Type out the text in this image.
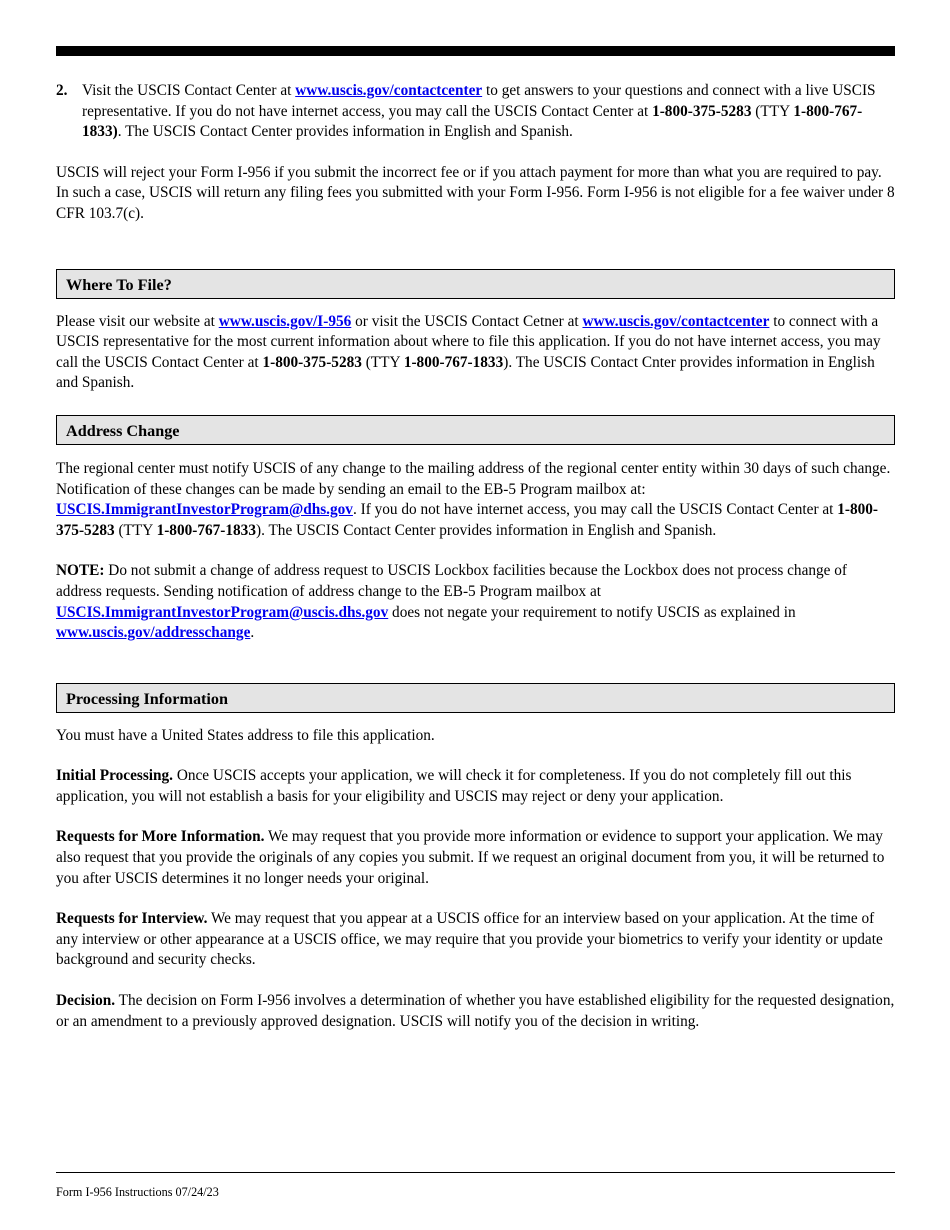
2. Visit the USCIS Contact Center at www.uscis.gov/contactcenter to get answers to your questions and connect with a live USCIS representative. If you do not have internet access, you may call the USCIS Contact Center at 1-800-375-5283 (TTY 1-800-767-1833). The USCIS Contact Center provides information in English and Spanish.

USCIS will reject your Form I-956 if you submit the incorrect fee or if you attach payment for more than what you are required to pay. In such a case, USCIS will return any filing fees you submitted with your Form I-956. Form I-956 is not eligible for a fee waiver under 8 CFR 103.7(c).

Where To File?

Please visit our website at www.uscis.gov/I-956 or visit the USCIS Contact Cetner at www.uscis.gov/contactcenter to connect with a USCIS representative for the most current information about where to file this application. If you do not have internet access, you may call the USCIS Contact Center at 1-800-375-5283 (TTY 1-800-767-1833). The USCIS Contact Cnter provides information in English and Spanish.

Address Change

The regional center must notify USCIS of any change to the mailing address of the regional center entity within 30 days of such change. Notification of these changes can be made by sending an email to the EB-5 Program mailbox at: USCIS.ImmigrantInvestorProgram@dhs.gov. If you do not have internet access, you may call the USCIS Contact Center at 1-800-375-5283 (TTY 1-800-767-1833). The USCIS Contact Center provides information in English and Spanish.

NOTE: Do not submit a change of address request to USCIS Lockbox facilities because the Lockbox does not process change of address requests. Sending notification of address change to the EB-5 Program mailbox at USCIS.ImmigrantInvestorProgram@uscis.dhs.gov does not negate your requirement to notify USCIS as explained in www.uscis.gov/addresschange.

Processing Information

You must have a United States address to file this application.

Initial Processing. Once USCIS accepts your application, we will check it for completeness. If you do not completely fill out this application, you will not establish a basis for your eligibility and USCIS may reject or deny your application.

Requests for More Information. We may request that you provide more information or evidence to support your application. We may also request that you provide the originals of any copies you submit. If we request an original document from you, it will be returned to you after USCIS determines it no longer needs your original.

Requests for Interview. We may request that you appear at a USCIS office for an interview based on your application. At the time of any interview or other appearance at a USCIS office, we may require that you provide your biometrics to verify your identity or update background and security checks.

Decision. The decision on Form I-956 involves a determination of whether you have established eligibility for the requested designation, or an amendment to a previously approved designation. USCIS will notify you of the decision in writing.

Form I-956 Instructions 07/24/23
